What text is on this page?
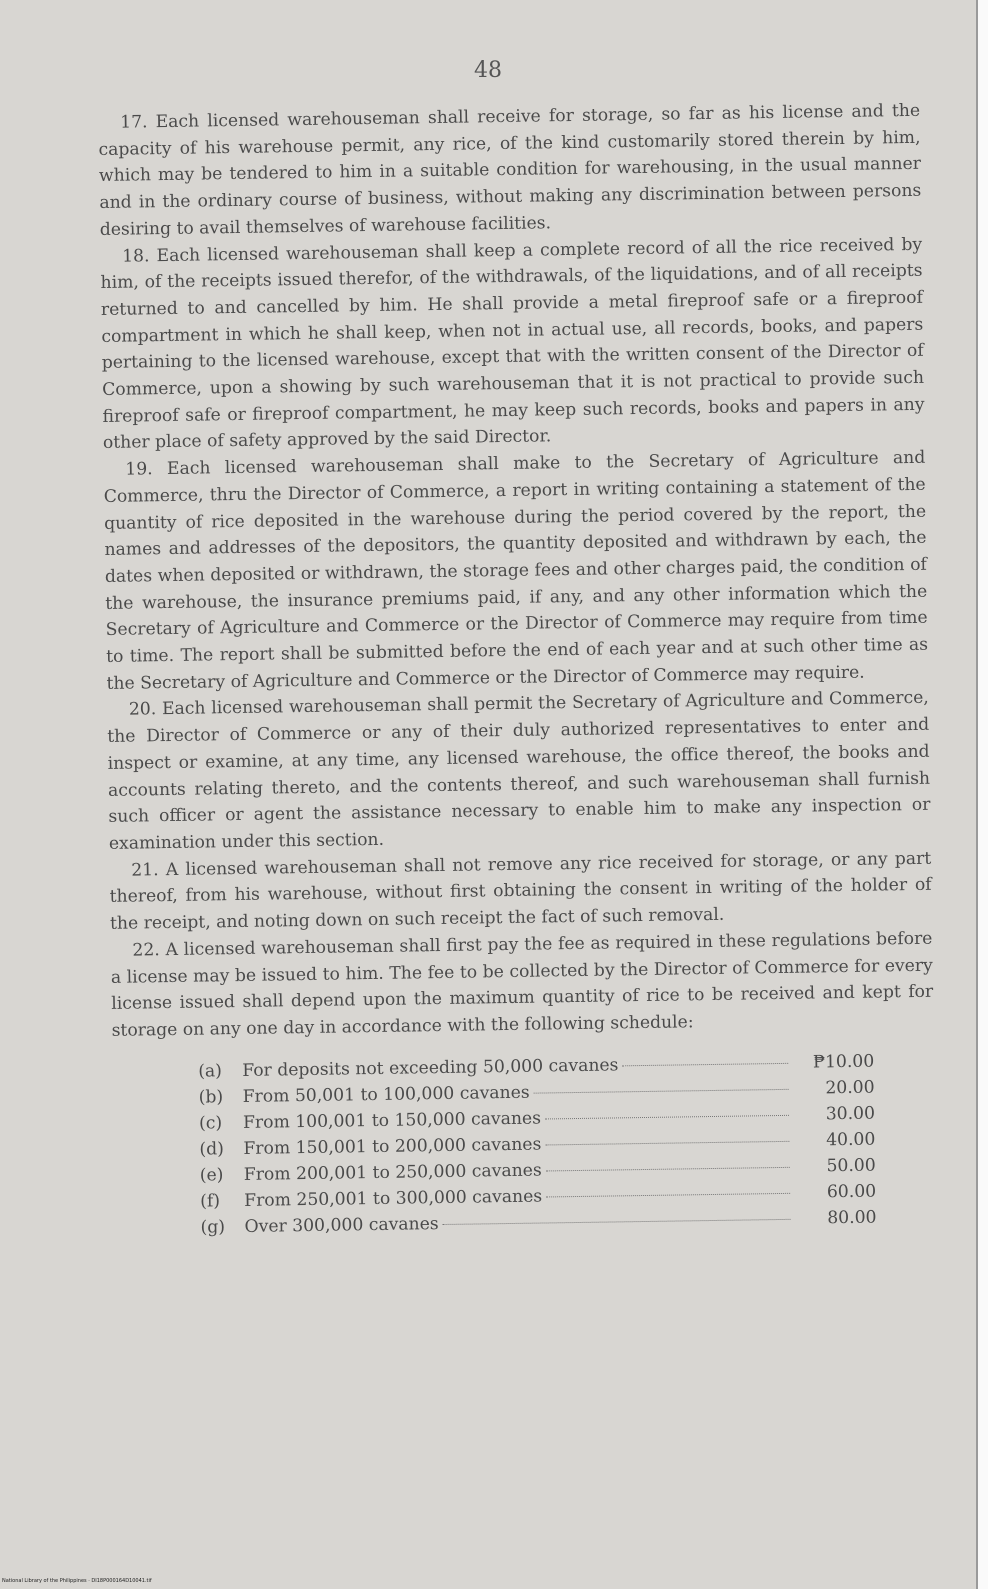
48

17. Each licensed warehouseman shall receive for storage, so far as his license and the capacity of his warehouse permit, any rice, of the kind customarily stored therein by him, which may be tendered to him in a suitable condition for warehousing, in the usual manner and in the ordinary course of business, without making any discrimination between persons desiring to avail themselves of warehouse facilities.

18. Each licensed warehouseman shall keep a complete record of all the rice received by him, of the receipts issued therefor, of the withdrawals, of the liquidations, and of all receipts returned to and cancelled by him. He shall provide a metal fireproof safe or a fireproof compartment in which he shall keep, when not in actual use, all records, books, and papers pertaining to the licensed warehouse, except that with the written consent of the Director of Commerce, upon a showing by such warehouseman that it is not practical to provide such fireproof safe or fireproof compartment, he may keep such records, books and papers in any other place of safety approved by the said Director.

19. Each licensed warehouseman shall make to the Secretary of Agriculture and Commerce, thru the Director of Commerce, a report in writing containing a statement of the quantity of rice deposited in the warehouse during the period covered by the report, the names and addresses of the depositors, the quantity deposited and withdrawn by each, the dates when deposited or withdrawn, the storage fees and other charges paid, the condition of the warehouse, the insurance premiums paid, if any, and any other information which the Secretary of Agriculture and Commerce or the Director of Commerce may require from time to time. The report shall be submitted before the end of each year and at such other time as the Secretary of Agriculture and Commerce or the Director of Commerce may require.

20. Each licensed warehouseman shall permit the Secretary of Agriculture and Commerce, the Director of Commerce or any of their duly authorized representatives to enter and inspect or examine, at any time, any licensed warehouse, the office thereof, the books and accounts relating thereto, and the contents thereof, and such warehouseman shall furnish such officer or agent the assistance necessary to enable him to make any inspection or examination under this section.

21. A licensed warehouseman shall not remove any rice received for storage, or any part thereof, from his warehouse, without first obtaining the consent in writing of the holder of the receipt, and noting down on such receipt the fact of such removal.

22. A licensed warehouseman shall first pay the fee as required in these regulations before a license may be issued to him. The fee to be collected by the Director of Commerce for every license issued shall depend upon the maximum quantity of rice to be received and kept for storage on any one day in accordance with the following schedule:

(a)	For deposits not exceeding 50,000 cavanes	₱10.00
(b)	From 50,001 to 100,000 cavanes	20.00
(c)	From 100,001 to 150,000 cavanes	30.00
(d)	From 150,001 to 200,000 cavanes	40.00
(e)	From 200,001 to 250,000 cavanes	50.00
(f)	From 250,001 to 300,000 cavanes	60.00
(g)	Over 300,000 cavanes	80.00
National Library of the Philippines · DI18P000164D10041.tif
